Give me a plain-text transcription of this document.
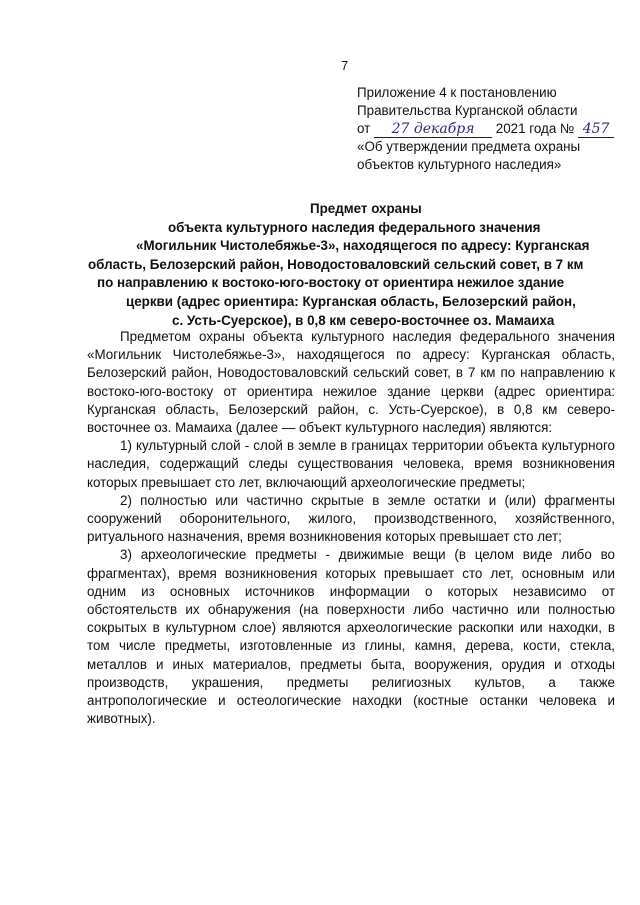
7
Приложение 4 к постановлению
Правительства Курганской области
от 27 декабря 2021 года № 457
«Об утверждении предмета охраны
объектов культурного наследия»
Предмет охраны
объекта культурного наследия федерального значения
«Могильник Чистолебяжье-3», находящегося по адресу: Курганская
область, Белозерский район, Новодостоваловский сельский совет, в 7 км
по направлению к востоко-юго-востоку от ориентира нежилое здание
церкви (адрес ориентира: Курганская область, Белозерский район,
с. Усть-Суерское), в 0,8 км северо-восточнее оз. Мамаиха

Предметом охраны объекта культурного наследия федерального значения «Могильник Чистолебяжье-3», находящегося по адресу: Курганская область, Белозерский район, Новодостоваловский сельский совет, в 7 км по направлению к востоко-юго-востоку от ориентира нежилое здание церкви (адрес ориентира: Курганская область, Белозерский район, с. Усть-Суерское), в 0,8 км северо-восточнее оз. Мамаиха (далее — объект культурного наследия) являются:

1) культурный слой - слой в земле в границах территории объекта культурного наследия, содержащий следы существования человека, время возникновения которых превышает сто лет, включающий археологические предметы;

2) полностью или частично скрытые в земле остатки и (или) фрагменты сооружений оборонительного, жилого, производственного, хозяйственного, ритуального назначения, время возникновения которых превышает сто лет;

3) археологические предметы - движимые вещи (в целом виде либо во фрагментах), время возникновения которых превышает сто лет, основным или одним из основных источников информации о которых независимо от обстоятельств их обнаружения (на поверхности либо частично или полностью сокрытых в культурном слое) являются археологические раскопки или находки, в том числе предметы, изготовленные из глины, камня, дерева, кости, стекла, металлов и иных материалов, предметы быта, вооружения, орудия и отходы производств, украшения, предметы религиозных культов, а также антропологические и остеологические находки (костные останки человека и животных).
